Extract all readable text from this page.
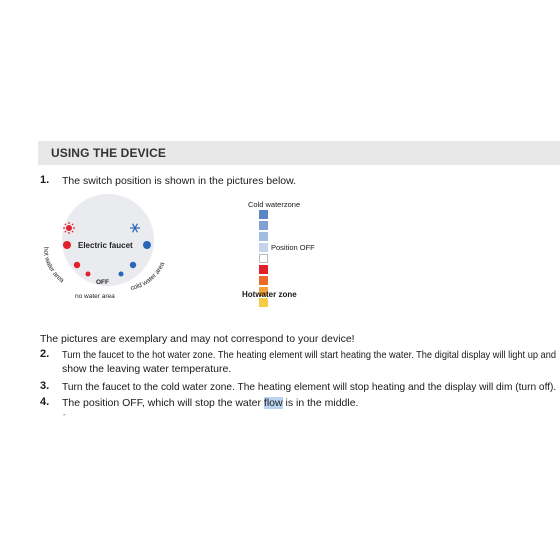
USING THE DEVICE
1. The switch position is shown in the pictures below.
Electric faucet
OFF
hot water area
no water area
cold water area
Cold waterzone
Position OFF
Hotwater zone
The pictures are exemplary and may not correspond to your device!
2. Turn the faucet to the hot water zone. The heating element will start heating the water. The digital display will light up and
show the leaving water temperature.
3. Turn the faucet to the cold water zone. The heating element will stop heating and the display will dim (turn off).
4. The position OFF, which will stop the water flow is in the middle.
-
